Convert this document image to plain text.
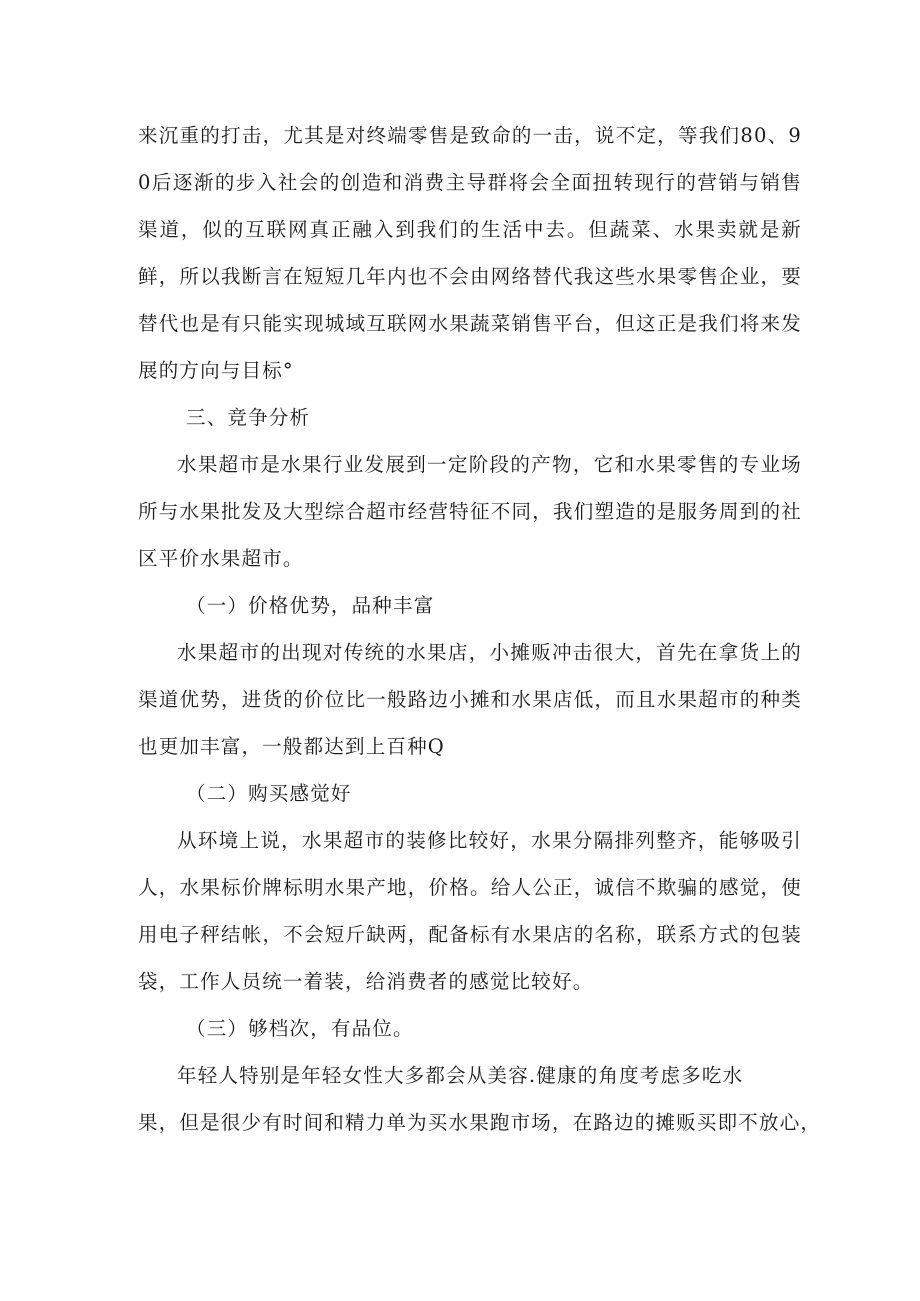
来沉重的打击，尤其是对终端零售是致命的一击，说不定，等我们80、90后逐渐的步入社会的创造和消费主导群将会全面扭转现行的营销与销售渠道，似的互联网真正融入到我们的生活中去。但蔬菜、水果卖就是新鲜，所以我断言在短短几年内也不会由网络替代我这些水果零售企业，要替代也是有只能实现城域互联网水果蔬菜销售平台，但这正是我们将来发展的方向与目标°

三、竞争分析

水果超市是水果行业发展到一定阶段的产物，它和水果零售的专业场所与水果批发及大型综合超市经营特征不同，我们塑造的是服务周到的社区平价水果超市。

（一）价格优势，品种丰富

水果超市的出现对传统的水果店，小摊贩冲击很大，首先在拿货上的渠道优势，进货的价位比一般路边小摊和水果店低，而且水果超市的种类也更加丰富，一般都达到上百种Q

（二）购买感觉好

从环境上说，水果超市的装修比较好，水果分隔排列整齐，能够吸引人，水果标价牌标明水果产地，价格。给人公正，诚信不欺骗的感觉，使用电子秤结帐，不会短斤缺两，配备标有水果店的名称，联系方式的包装袋，工作人员统一着装，给消费者的感觉比较好。

（三）够档次，有品位。

年轻人特别是年轻女性大多都会从美容.健康的角度考虑多吃水
果，但是很少有时间和精力单为买水果跑市场，在路边的摊贩买即不放心，
